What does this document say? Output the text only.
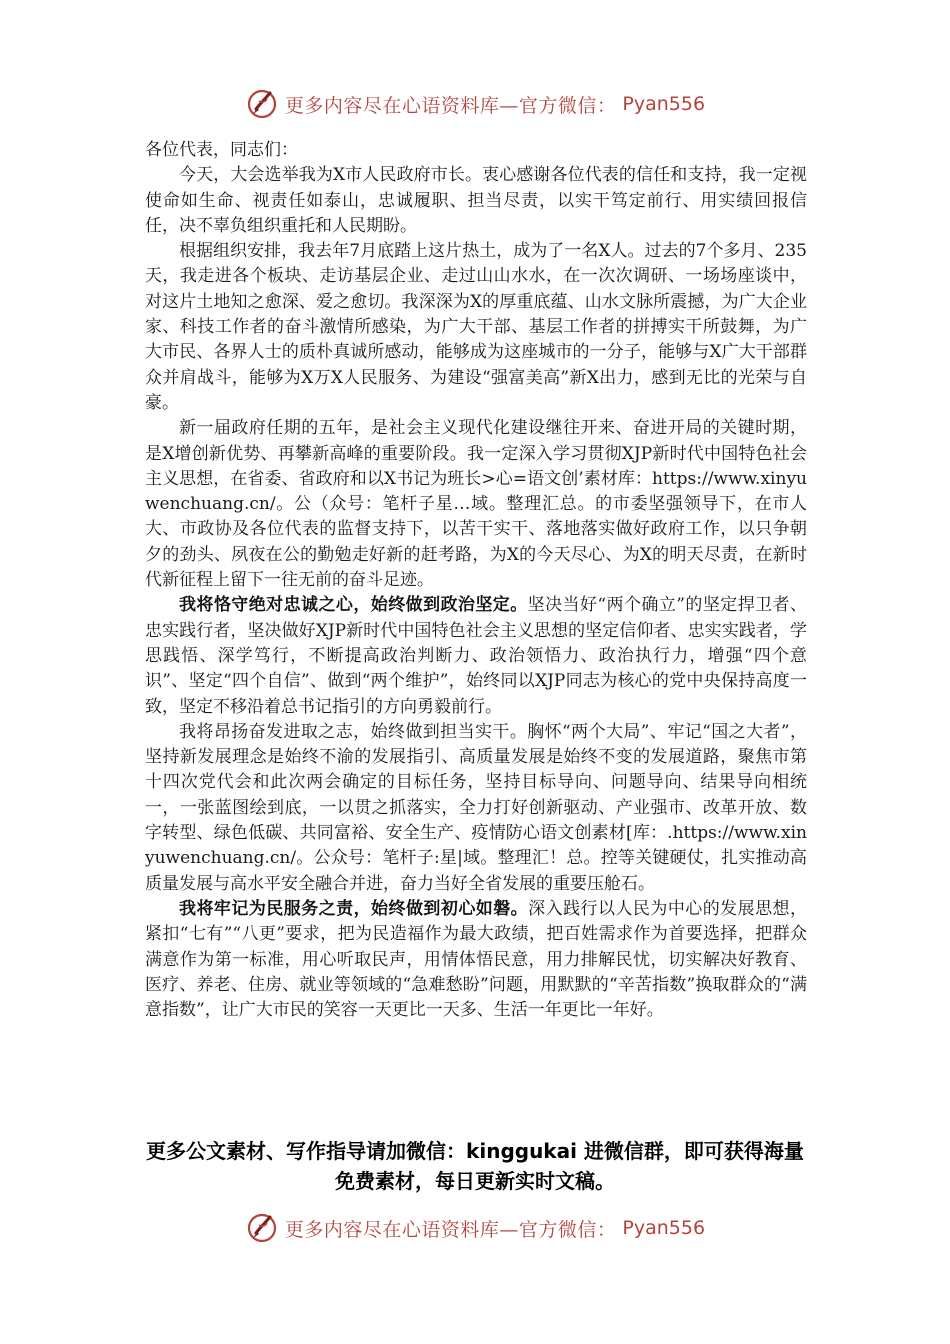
更多内容尽在心语资料库—官方微信： Pyan556

各位代表，同志们：

今天，大会选举我为X市人民政府市长。衷心感谢各位代表的信任和支持，我一定视使命如生命、视责任如泰山，忠诚履职、担当尽责，以实干笃定前行、用实绩回报信任，决不辜负组织重托和人民期盼。

根据组织安排，我去年7月底踏上这片热土，成为了一名X人。过去的7个多月、235天，我走进各个板块、走访基层企业、走过山山水水，在一次次调研、一场场座谈中，对这片土地知之愈深、爱之愈切。我深深为X的厚重底蕴、山水文脉所震撼，为广大企业家、科技工作者的奋斗激情所感染，为广大干部、基层工作者的拼搏实干所鼓舞，为广大市民、各界人士的质朴真诚所感动，能够成为这座城市的一分子，能够与X广大干部群众并肩战斗，能够为X万X人民服务、为建设“强富美高”新X出力，感到无比的光荣与自豪。

新一届政府任期的五年，是社会主义现代化建设继往开来、奋进开局的关键时期，是X增创新优势、再攀新高峰的重要阶段。我一定深入学习贯彻XJP新时代中国特色社会主义思想，在省委、省政府和以X书记为班长>心=语文创’素材库：https://www.xinyuwenchuang.cn/。公（众号：笔杆子星…域。整理汇总。的市委坚强领导下，在市人大、市政协及各位代表的监督支持下，以苦干实干、落地落实做好政府工作，以只争朝夕的劲头、夙夜在公的勤勉走好新的赶考路，为X的今天尽心、为X的明天尽责，在新时代新征程上留下一往无前的奋斗足迹。

我将恪守绝对忠诚之心，始终做到政治坚定。坚决当好“两个确立”的坚定捍卫者、忠实践行者，坚决做好XJP新时代中国特色社会主义思想的坚定信仰者、忠实实践者，学思践悟、深学笃行，不断提高政治判断力、政治领悟力、政治执行力，增强“四个意识”、坚定“四个自信”、做到“两个维护”，始终同以XJP同志为核心的党中央保持高度一致，坚定不移沿着总书记指引的方向勇毅前行。

我将昂扬奋发进取之志，始终做到担当实干。胸怀“两个大局”、牢记“国之大者”，坚持新发展理念是始终不渝的发展指引、高质量发展是始终不变的发展道路，聚焦市第十四次党代会和此次两会确定的目标任务，坚持目标导向、问题导向、结果导向相统一，一张蓝图绘到底，一以贯之抓落实，全力打好创新驱动、产业强市、改革开放、数字转型、绿色低碳、共同富裕、安全生产、疫情防心语文创素材[库：.https://www.xinyuwenchuang.cn/。公众号：笔杆子:星|域。整理汇！总。控等关键硬仗，扎实推动高质量发展与高水平安全融合并进，奋力当好全省发展的重要压舱石。

我将牢记为民服务之责，始终做到初心如磐。深入践行以人民为中心的发展思想，紧扣“七有”“八更”要求，把为民造福作为最大政绩，把百姓需求作为首要选择，把群众满意作为第一标准，用心听取民声，用情体悟民意，用力排解民忧，切实解决好教育、医疗、养老、住房、就业等领域的“急难愁盼”问题，用默默的“辛苦指数”换取群众的“满意指数”，让广大市民的笑容一天更比一天多、生活一年更比一年好。

更多公文素材、写作指导请加微信：kinggukai 进微信群，即可获得海量免费素材，每日更新实时文稿。
更多内容尽在心语资料库—官方微信： Pyan556
